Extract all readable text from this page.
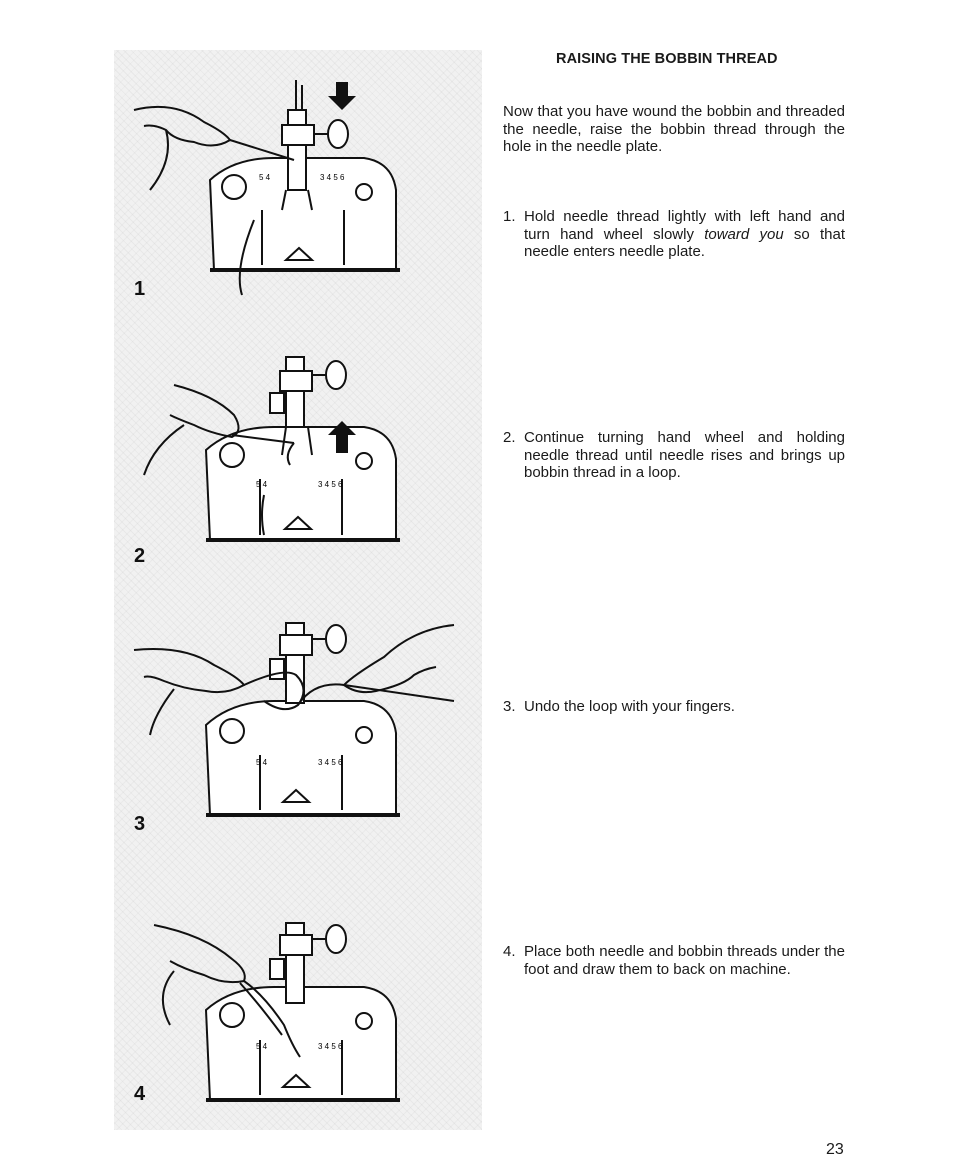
5 4	3 4 5 6
1
5 4	3 4 5 6
2
5 4	3 4 5 6
3
5 4	3 4 5 6
4
RAISING THE BOBBIN THREAD

Now that you have wound the bobbin and threaded the needle, raise the bobbin thread through the hole in the needle plate.

1. Hold needle thread lightly with left hand and turn hand wheel slowly toward you so that needle enters needle plate.
2. Continue turning hand wheel and holding needle thread until needle rises and brings up bobbin thread in a loop.
3. Undo the loop with your fingers.
4. Place both needle and bobbin threads under the foot and draw them to back on machine.
23
